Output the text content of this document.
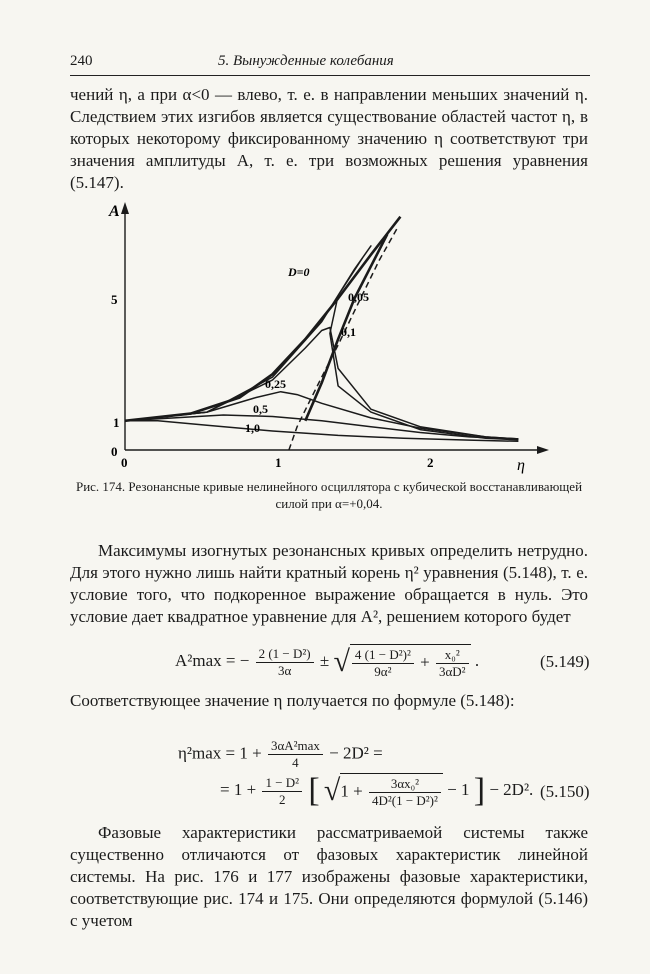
240	5. Вынужденные колебания
чений η, а при α<0 — влево, т. е. в направлении меньших значений η. Следствием этих изгибов является существование областей частот η, в которых некоторому фиксированному значению η соответствуют три значения амплитуды A, т. е. три возможных решения уравнения (5.147).
A
η
5
1
0
0	1	2
D=0
0,05
0,1
0,25
0,5
1,0
Рис. 174. Резонансные кривые нелинейного осциллятора с кубической восстанавливающей силой при α=+0,04.
Максимумы изогнутых резонансных кривых определить нетрудно. Для этого нужно лишь найти кратный корень η² уравнения (5.148), т. е. условие того, что подкоренное выражение обращается в нуль. Это условие дает квадратное уравнение для A², решением которого будет
A²max = − $\frac{\text{2 (1 − D²)}}{3\alpha}$ ± √ $\frac{\text{4 (1 − D²)²}}{\text{9α²}} + \frac{\text{x₀²}}{\text{3αD²}}$ .	(5.149)
Соответствующее значение η получается по формуле (5.148):
$\eta^2\max = 1 + \frac{\text{3αA²max}}{4} - 2D^2$ =
= $1 + \frac{\text{1 − D²}}{2}$ [ $√1 + \frac{\text{3αx₀²}}{\text{4D²(1 − D²)²}} - 1$ ] − 2D². (5.150)
Фазовые характеристики рассматриваемой системы также существенно отличаются от фазовых характеристик линейной системы. На рис. 176 и 177 изображены фазовые характеристики, соответствующие рис. 174 и 175. Они определяются формулой (5.146) с учетом
